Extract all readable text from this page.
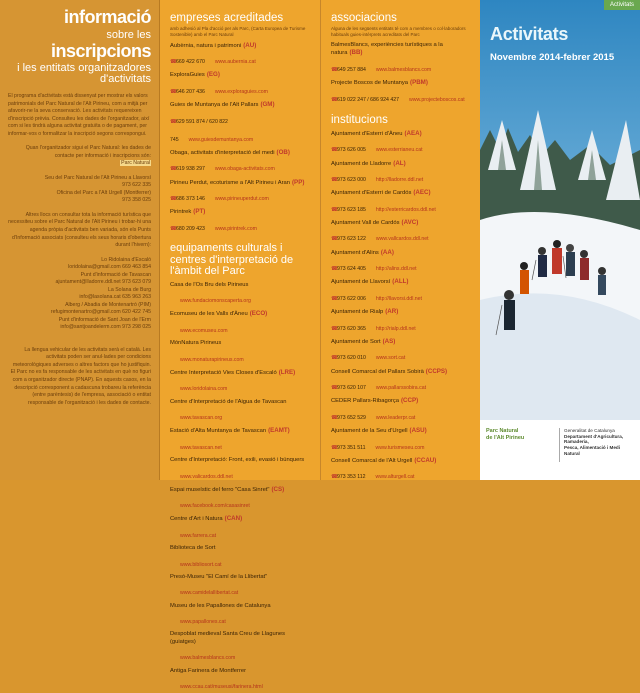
informació
sobre les inscripcions
i les entitats organitzadores d'activitats
El programa d'activitats està dissenyat per mostrar els valors patrimonials del Parc Natural de l'Alt Pirineu, com a mitjà per afavorir-ne la seva conservació. Les activitats requereixen d'inscripció prèvia. Consulteu les dades de l'organitzador, així com si les tindrà alguna activitat gratuïta o de pagament, per informar-vos o formalitzar la inscripció segons correspongui.
Quan l'organitzador sigui el Parc Natural: les dades de contacte per informació i inscripcions són:
Parc Natural
Seu del Parc Natural de l'Alt Pirineu a Llavorsí
973 622 335
Oficina del Parc a l'Alt Urgell (Montferrer)
973 358 025
Altres llocs on consultar tota la informació turística que necessiteu sobre el Parc Natural de l'Alt Pirineu i trobar-hi una agenda pròpia d'activitats ben variada, són els Punts d'Informació associats (consulteu els seus horaris d'obertura durant l'hivern):
Lo Ridolaina d'Escaló
loridolaina@gmail.com 669 463 854
Punt d'informació de Tavascan
ajuntament@lladorre.ddl.net 973 623 079
La Solana de Burg
info@lasolana.cat 635 963 263
Alberg / Abadia de Montenartró (PIM)
refugimontenartro@gmail.com 620 422 745
Punt d'informació de Sant Joan de l'Erm
info@santjoandelerm.com 973 298 025
La llengua vehicular de les activitats serà el català. Les activitats poden ser anul·lades per condicions meteorològiques adverses o altres factors que ho justifiquin. El Parc no es fa responsable de les activitats en què no figuri com a organitzador directe (PNAP). En aquests casos, en la descripció corresponent a cadascuna trobareu la referència (entre parèntesis) de l'empresa, associació o entitat responsable de l'organització i les dades de contacte.
empreses acreditades
amb adhesió al Pla d'acció per als Parc, (Carta Europea de Turisme Sostenible) amb el Parc Natural
Aubèrnia, natura i patrimoni (AU)
☎669 422 670 www.aubernia.cat
ExploraGuies (EG)
☎646 207 436 www.exploraguies.com
Guies de Muntanya de l'Alt Pallars (GM)
☎629 591 874 / 620 822 745 www.guiesdemuntanya.com
Obaga, activitats d'interpretació del medi (OB)
☎619 938 297 www.obaga-activitats.com
Pirineu Perdut, ecoturisme a l'Alt Pirineu i Aran (PP)
☎686 373 146 www.pirineuperdut.com
Pirintrek (PT)
☎680 209 423 www.pirintrek.com
equipaments culturals i centres d'interpretació de l'àmbit del Parc
Casa de l'Os Bru dels Pirineus
www.fundaciomonscaperta.org
Ecomuseu de les Valls d'Àneu (ECO)
www.ecomuseu.com
MónNatura Pirineus
www.monaturapirineus.com
Centre Interpretació Vies Closes d'Escaló (LRE)
www.loridolaina.com
Centre d'Interpretació de l'Aigua de Tavascan
www.tavascan.org
Estació d'Alta Muntanya de Tavascan (EAMT)
www.tavascan.net
Centre d'Interpretació: Front, exili, evasió i búnquers
www.valicardos.ddl.net
Espai museístic del ferro "Casa Sinret" (CS)
www.facebook.com/casasinret
Centre d'Art i Natura (CAN)
www.farrera.cat
Biblioteca de Sort
www.bibliosort.cat
Presó-Museu "El Camí de la Llibertat"
www.camidelallibertat.cat
Museu de les Papallones de Catalunya
www.papallones.cat
Despoblat medieval Santa Creu de Llagunes (guiatges)
www.balmesblancs.com
Antiga Farinera de Montferrer
www.ccau.cat/museusi/farinera.html
associacions
Alguna de les següents entitats té com a membres o col·laboradors habituals guies-intèrprets acreditats del Parc
BalmesBlancs, experiències turístiques a la natura (BB)
☎649 257 884 www.balmesblancs.com
Projecte Boscos de Muntanya (PBM)
☎619 022 247 / 686 924 427 www.projecteboscos.cat
institucions
Ajuntament d'Esterri d'Àneu (AEA)
☎973 626 005 www.esterrianeu.cat
Ajuntament de Lladorre (AL)
☎973 623 000 http://lladorre.ddl.net
Ajuntament d'Esterri de Cardós (AEC)
☎973 623 185 http://esterricardos.ddl.net
Ajuntament Vall de Cardós (AVC)
☎973 623 122 www.vallcardos.ddl.net
Ajuntament d'Alins (AA)
☎973 624 405 http://alins.ddl.net
Ajuntament de Llavorsí (ALL)
☎973 622 006 http://llavorsi.ddl.net
Ajuntament de Rialp (AR)
☎973 620 365 http://rialp.ddl.net
Ajuntament de Sort (AS)
☎973 620 010 www.sort.cat
Consell Comarcal del Pallars Sobirà (CCPS)
☎973 620 107 www.pallarssobira.cat
CEDER Pallars-Ribagorça (CCP)
☎973 652 529 www.leaderpr.cat
Ajuntament de la Seu d'Urgell (ASU)
☎973 351 511 www.turismeseu.com
Consell Comarcal de l'Alt Urgell (CCAU)
☎973 353 112 www.alturgell.cat
Activitats
Activitats
Novembre 2014-febrer 2015
Parc Natural
de l'Alt Pirineu
Generalitat de Catalunya
Departament d'Agricultura, Ramaderia,
Pesca, Alimentació i Medi Natural
